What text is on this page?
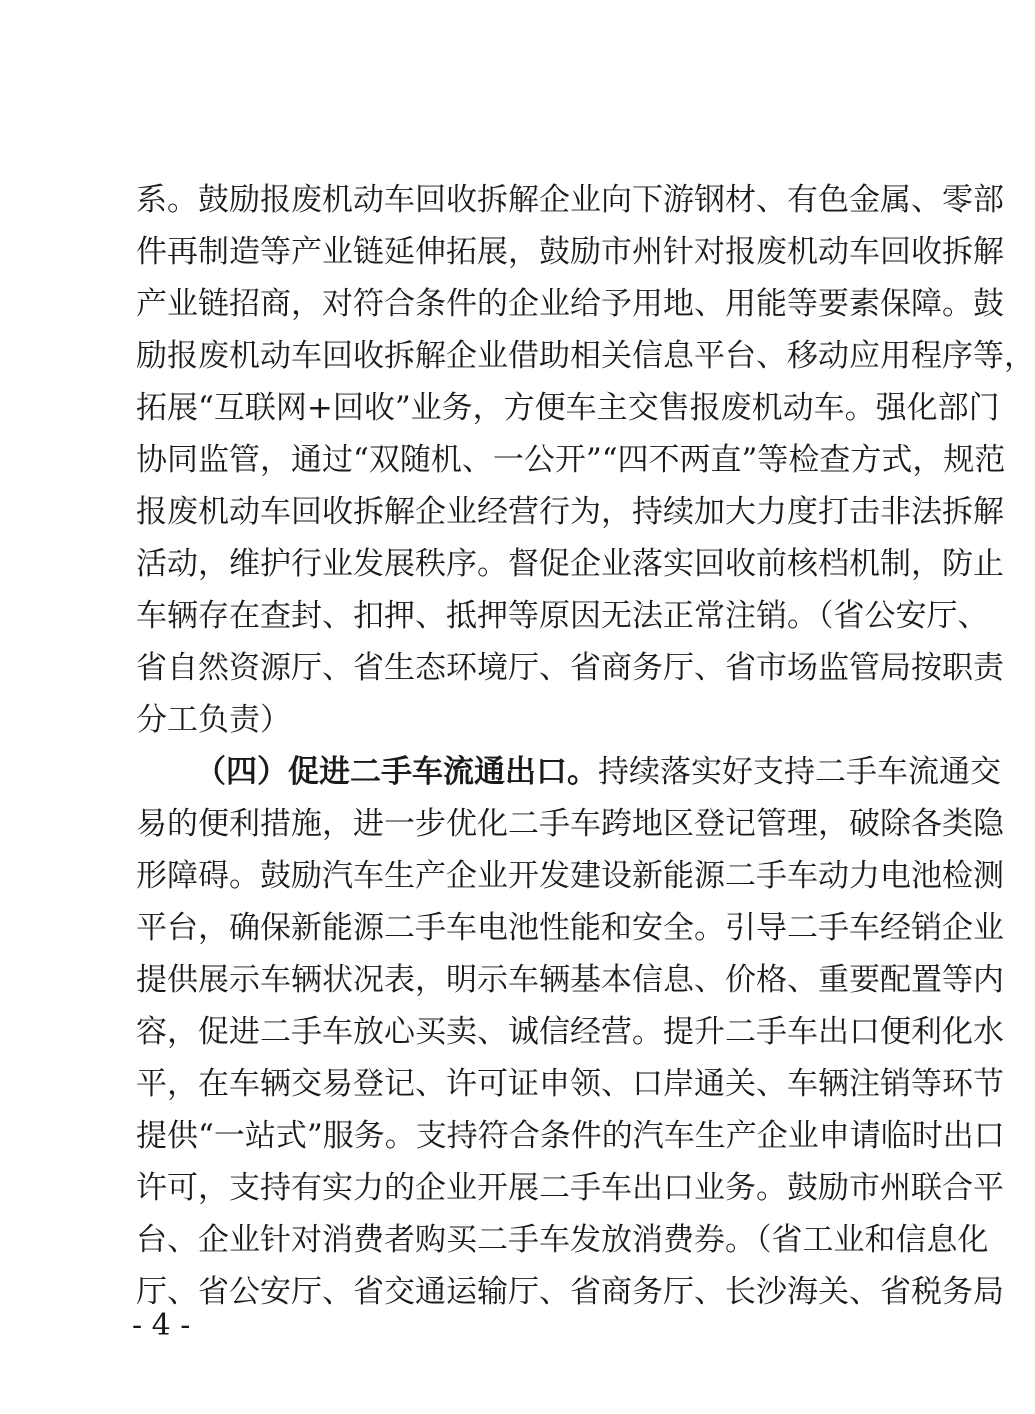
系。鼓励报废机动车回收拆解企业向下游钢材、有色金属、零部
件再制造等产业链延伸拓展，鼓励市州针对报废机动车回收拆解
产业链招商，对符合条件的企业给予用地、用能等要素保障。鼓
励报废机动车回收拆解企业借助相关信息平台、移动应用程序等，
拓展“互联网+回收”业务，方便车主交售报废机动车。强化部门
协同监管，通过“双随机、一公开”“四不两直”等检查方式，规范
报废机动车回收拆解企业经营行为，持续加大力度打击非法拆解
活动，维护行业发展秩序。督促企业落实回收前核档机制，防止
车辆存在查封、扣押、抵押等原因无法正常注销。（省公安厅、
省自然资源厅、省生态环境厅、省商务厅、省市场监管局按职责
分工负责）
（四）促进二手车流通出口。持续落实好支持二手车流通交
易的便利措施，进一步优化二手车跨地区登记管理，破除各类隐
形障碍。鼓励汽车生产企业开发建设新能源二手车动力电池检测
平台，确保新能源二手车电池性能和安全。引导二手车经销企业
提供展示车辆状况表，明示车辆基本信息、价格、重要配置等内
容，促进二手车放心买卖、诚信经营。提升二手车出口便利化水
平，在车辆交易登记、许可证申领、口岸通关、车辆注销等环节
提供“一站式”服务。支持符合条件的汽车生产企业申请临时出口
许可，支持有实力的企业开展二手车出口业务。鼓励市州联合平
台、企业针对消费者购买二手车发放消费券。（省工业和信息化
厅、省公安厅、省交通运输厅、省商务厅、长沙海关、省税务局
- 4 -
